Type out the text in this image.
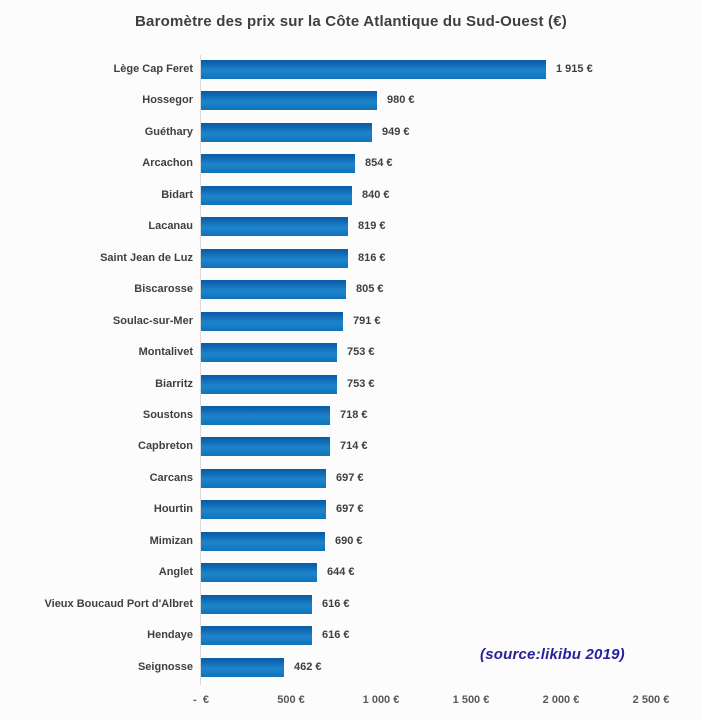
Baromètre des prix sur la Côte Atlantique du Sud-Ouest (€)
Lège Cap Feret	1 915 €
Hossegor	980 €
Guéthary	949 €
Arcachon	854 €
Bidart	840 €
Lacanau	819 €
Saint Jean de Luz	816 €
Biscarosse	805 €
Soulac-sur-Mer	791 €
Montalivet	753 €
Biarritz	753 €
Soustons	718 €
Capbreton	714 €
Carcans	697 €
Hourtin	697 €
Mimizan	690 €
Anglet	644 €
Vieux Boucaud Port d'Albret	616 €
Hendaye	616 €
Seignosse	462 €
-  €	500 €	1 000 €	1 500 €	2 000 €	2 500 €
(source:likibu 2019)
